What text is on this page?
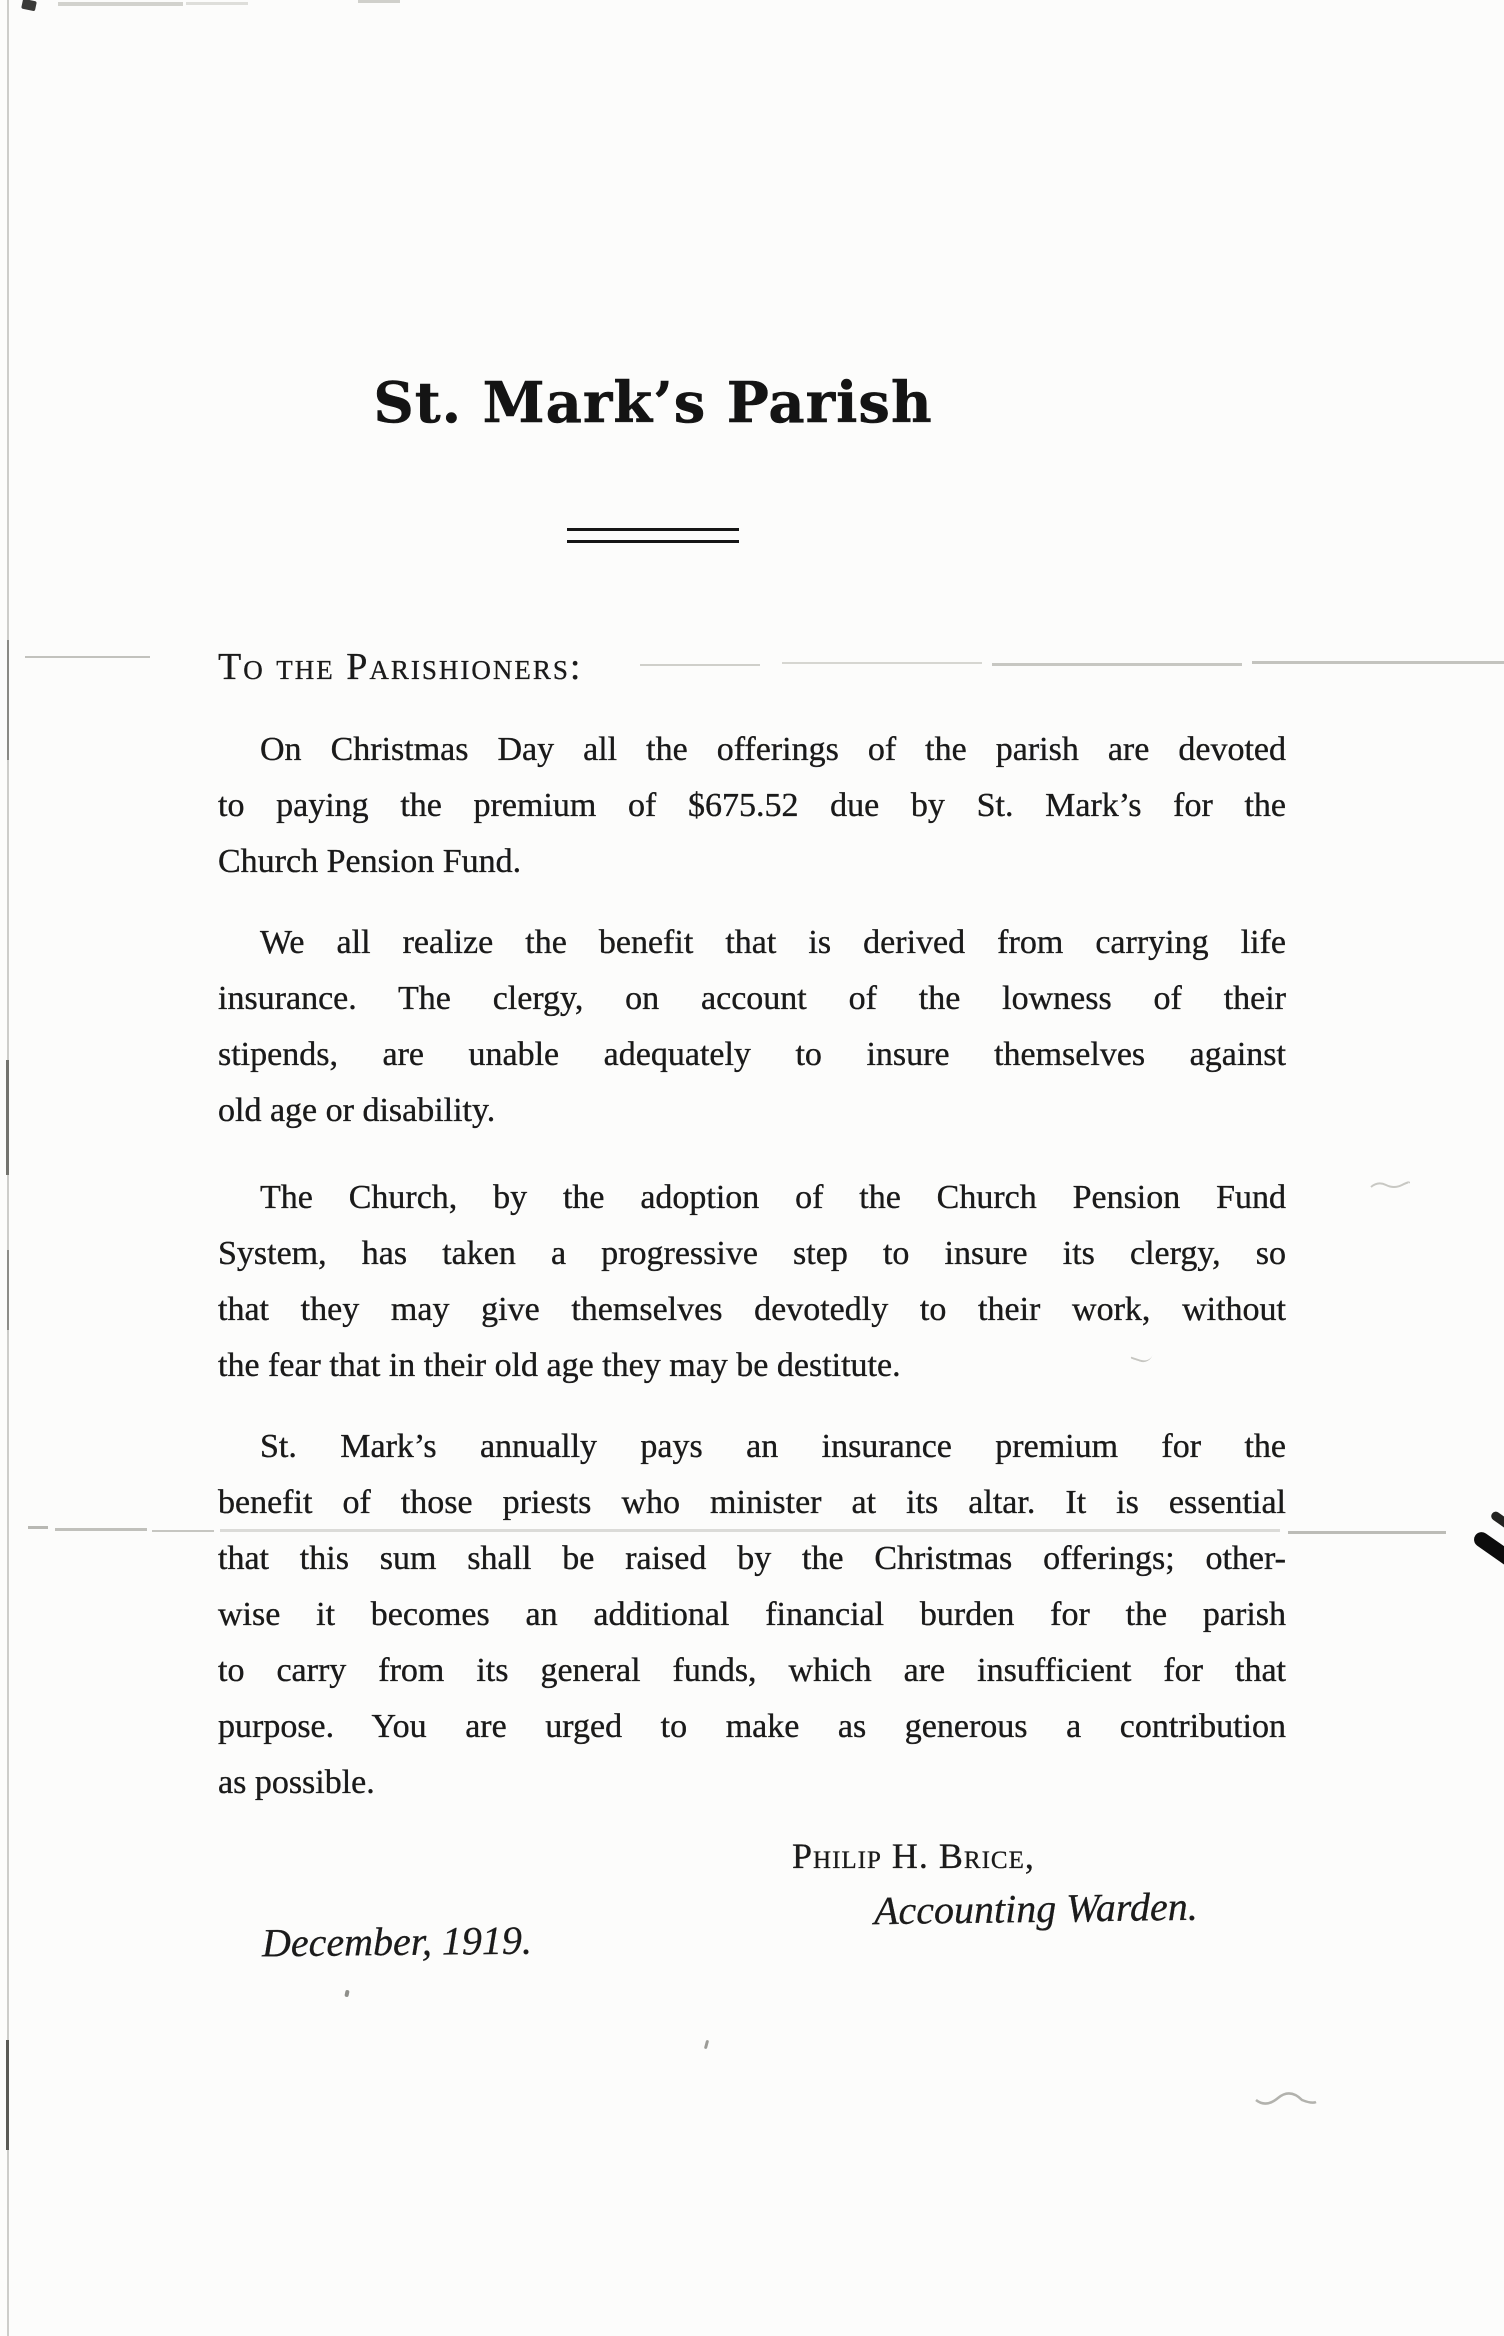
St. Mark’s Parish
To the Parishioners:
On Christmas Day all the offerings of the parish are devoted
to paying the premium of $675.52 due by St. Mark’s for the
Church Pension Fund.
We all realize the benefit that is derived from carrying life
insurance. The clergy, on account of the lowness of their
stipends, are unable adequately to insure themselves against
old age or disability.
The Church, by the adoption of the Church Pension Fund
System, has taken a progressive step to insure its clergy, so
that they may give themselves devotedly to their work, without
the fear that in their old age they may be destitute.
St. Mark’s annually pays an insurance premium for the
benefit of those priests who minister at its altar. It is essential
that this sum shall be raised by the Christmas offerings; other-
wise it becomes an additional financial burden for the parish
to carry from its general funds, which are insufficient for that
purpose. You are urged to make as generous a contribution
as possible.
Philip H. Brice,
Accounting Warden.
December, 1919.
